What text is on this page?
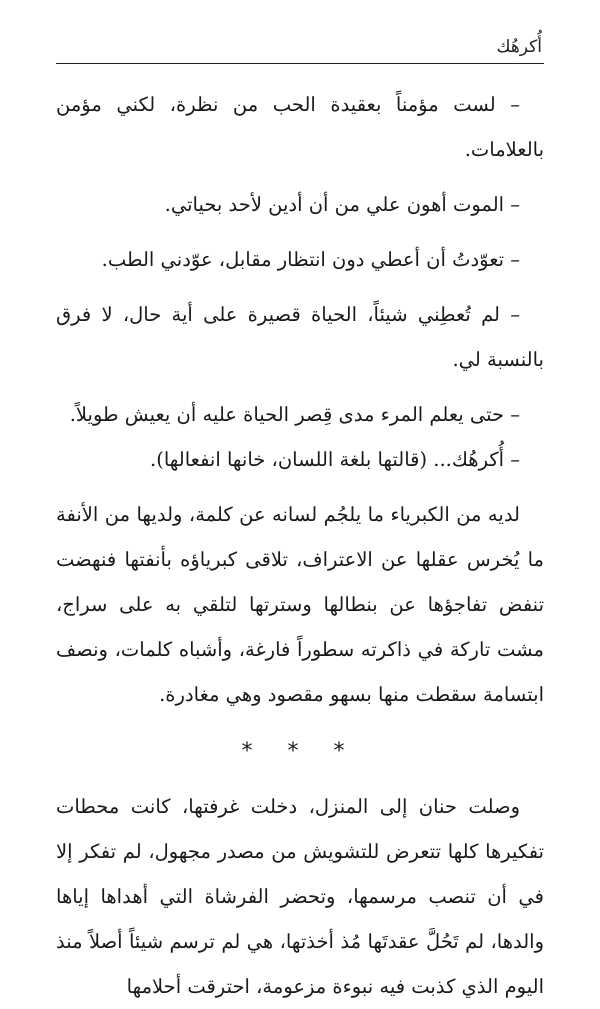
أُكرهُك

– لست مؤمناً بعقيدة الحب من نظرة، لكني مؤمن بالعلامات.

– الموت أهون علي من أن أدين لأحد بحياتي.

– تعوّدتُ أن أعطي دون انتظار مقابل، عوّدني الطب.

– لم تُعطِني شيئاً، الحياة قصيرة على أية حال، لا فرق بالنسبة لي.

– حتى يعلم المرء مدى قِصر الحياة عليه أن يعيش طويلاً.

– أُكرهُك... (قالتها بلغة اللسان، خانها انفعالها).

لديه من الكبرياء ما يلجُم لسانه عن كلمة، ولديها من الأنفة ما يُخرس عقلها عن الاعتراف، تلاقى كبرياؤه بأنفتها فنهضت تنفض تفاجؤها عن بنطالها وسترتها لتلقي به على سراج، مشت تاركة في ذاكرته سطوراً فارغة، وأشباه كلمات، ونصف ابتسامة سقطت منها بسهو مقصود وهي مغادرة.

* * *

وصلت حنان إلى المنزل، دخلت غرفتها، كانت محطات تفكيرها كلها تتعرض للتشويش من مصدر مجهول، لم تفكر إلا في أن تنصب مرسمها، وتحضر الفرشاة التي أهداها إياها والدها، لم تَحُلَّ عقدتَها مُذ أخذتها، هي لم ترسم شيئاً أصلاً منذ اليوم الذي كذبت فيه نبوءة مزعومة، احترقت أحلامها
